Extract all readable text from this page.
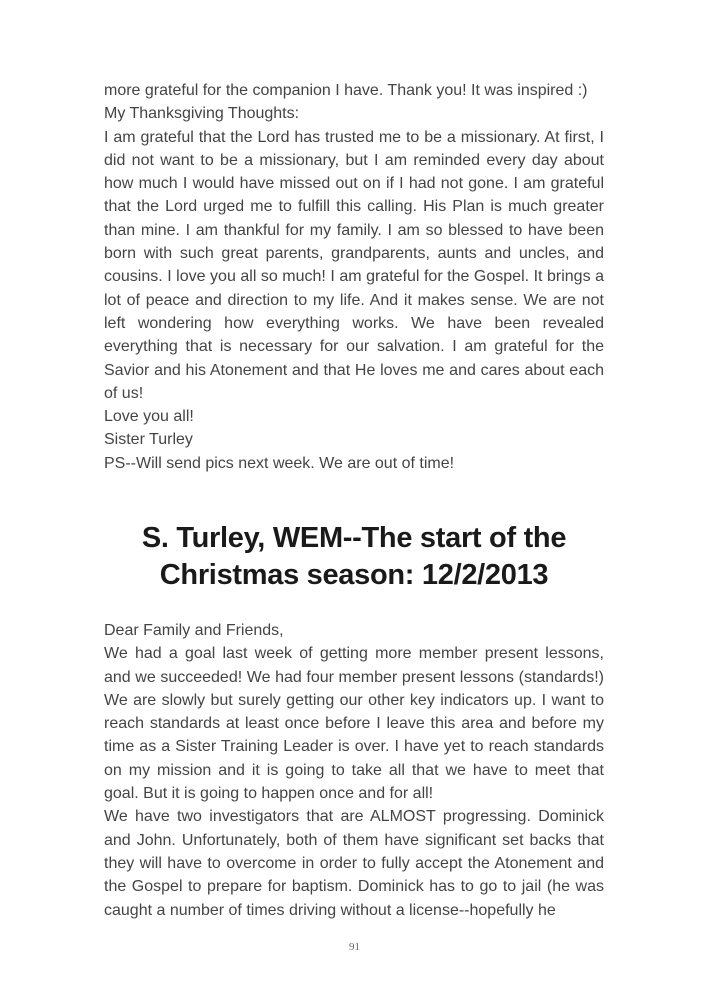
more grateful for the companion I have. Thank you! It was inspired :)

My Thanksgiving Thoughts:

I am grateful that the Lord has trusted me to be a missionary. At first, I did not want to be a missionary, but I am reminded every day about how much I would have missed out on if I had not gone. I am grateful that the Lord urged me to fulfill this calling. His Plan is much greater than mine. I am thankful for my family. I am so blessed to have been born with such great parents, grandparents, aunts and uncles, and cousins. I love you all so much! I am grateful for the Gospel. It brings a lot of peace and direction to my life. And it makes sense. We are not left wondering how everything works. We have been revealed everything that is necessary for our salvation. I am grateful for the Savior and his Atonement and that He loves me and cares about each of us!

Love you all!

Sister Turley

PS--Will send pics next week. We are out of time!

S. Turley, WEM--The start of the Christmas season: 12/2/2013

Dear Family and Friends,

We had a goal last week of getting more member present lessons, and we succeeded! We had four member present lessons (standards!) We are slowly but surely getting our other key indicators up. I want to reach standards at least once before I leave this area and before my time as a Sister Training Leader is over. I have yet to reach standards on my mission and it is going to take all that we have to meet that goal. But it is going to happen once and for all!

We have two investigators that are ALMOST progressing. Dominick and John. Unfortunately, both of them have significant set backs that they will have to overcome in order to fully accept the Atonement and the Gospel to prepare for baptism. Dominick has to go to jail (he was caught a number of times driving without a license--hopefully he

91
